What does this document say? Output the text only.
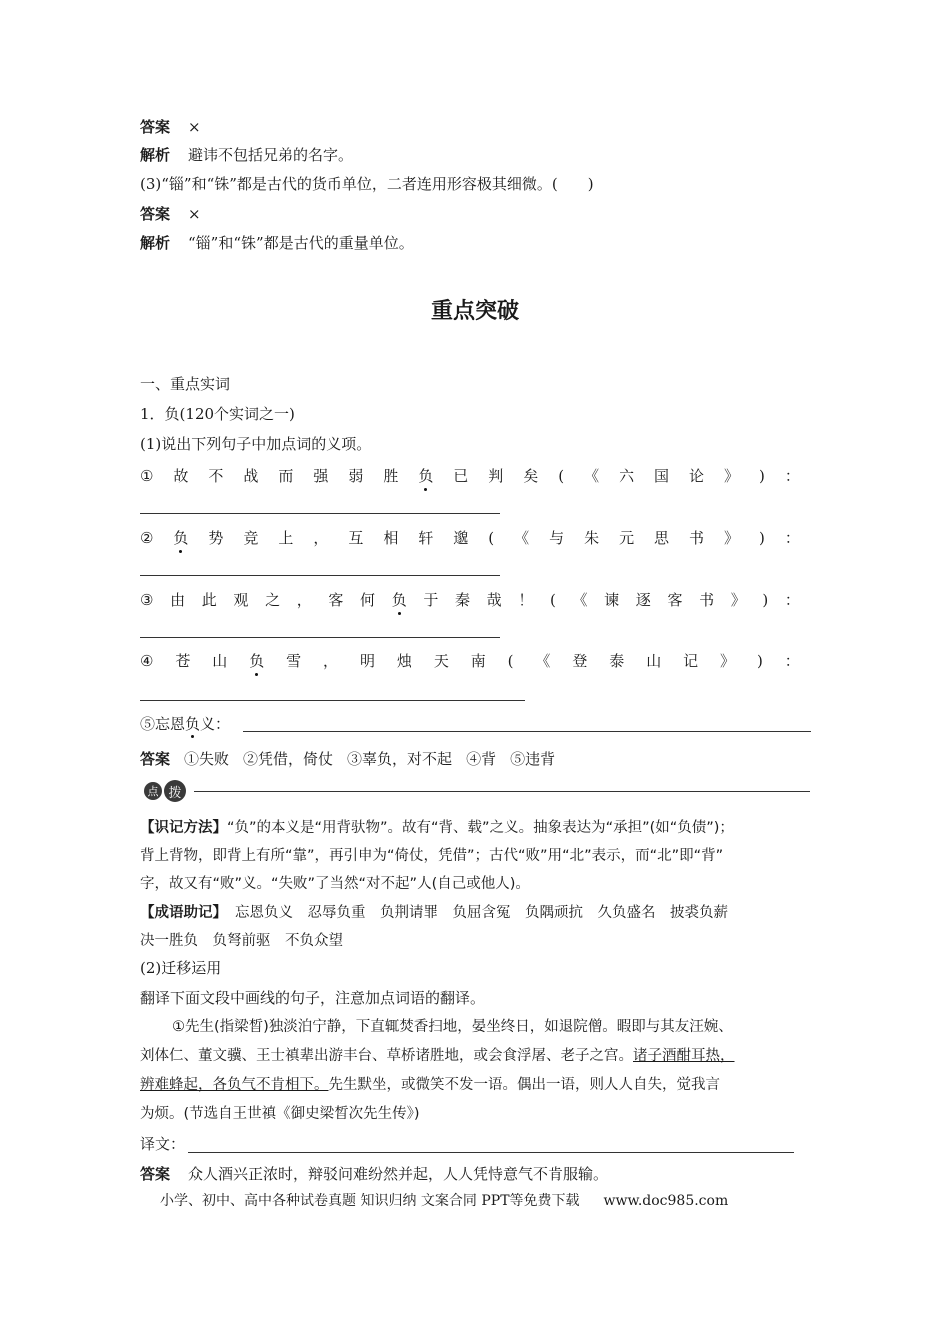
答案 ×
解析 避讳不包括兄弟的名字。
(3)“锱”和“铢”都是古代的货币单位，二者连用形容极其细微。(　　)
答案 ×
解析 “锱”和“铢”都是古代的重量单位。
重点突破
一、重点实词
1．负(120个实词之一)
(1)说出下列句子中加点词的义项。
① 故 不 战 而 强 弱 胜 负 已 判 矣 ( 《 六 国 论 》 ) ：
② 负 势 竞 上 ， 互 相 轩 邈 ( 《 与 朱 元 思 书 》 ) ：
③ 由 此 观 之 ， 客 何 负 于 秦 哉 ！ ( 《 谏 逐 客 书 》 ) ：
④ 苍 山 负 雪 ， 明 烛 天 南 ( 《 登 泰 山 记 》 ) ：
⑤忘恩负义：
答案 ①失败 ②凭借，倚仗 ③辜负，对不起 ④背 ⑤违背
点 拨
【识记方法】“负”的本义是“用背驮物”。故有“背、载”之义。抽象表达为“承担”(如“负债”)；
背上背物，即背上有所“靠”，再引申为“倚仗，凭借”；古代“败”用“北”表示，而“北”即“背”
字，故又有“败”义。“失败”了当然“对不起”人(自己或他人)。
【成语助记】 忘恩负义　忍辱负重　负荆请罪　负屈含冤　负隅顽抗　久负盛名　披裘负薪
决一胜负　负弩前驱　不负众望
(2)迁移运用
翻译下面文段中画线的句子，注意加点词语的翻译。
①先生(指梁晳)独淡泊宁静，下直辄焚香扫地，晏坐终日，如退院僧。暇即与其友汪婉、
刘体仁、董文骥、王士禛辈出游丰台、草桥诸胜地，或会食浮屠、老子之宫。诸子酒酣耳热，
辨难蜂起，各负气不肯相下。先生默坐，或微笑不发一语。偶出一语，则人人自失，觉我言
为烦。(节选自王世禛《御史梁晳次先生传》)
译文：
答案 众人酒兴正浓时，辩驳问难纷然并起，人人凭恃意气不肯服输。
小学、初中、高中各种试卷真题 知识归纳 文案合同 PPT等免费下载 www.doc985.com
